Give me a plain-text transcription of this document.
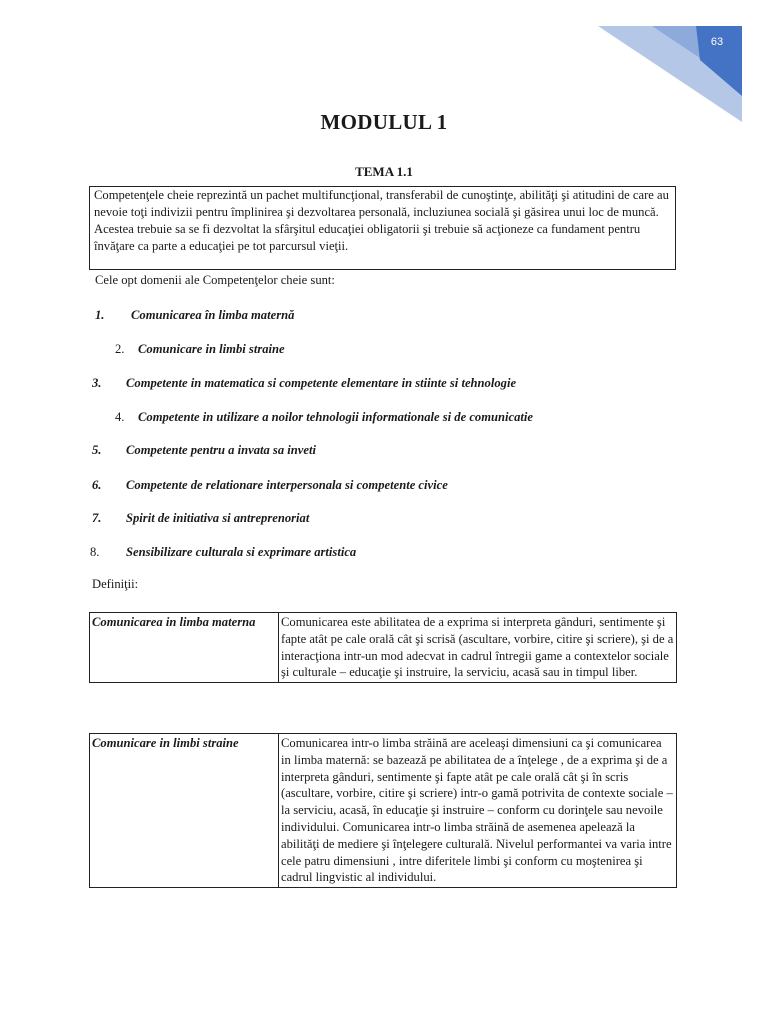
63
MODULUL 1
TEMA 1.1
Competenţele cheie reprezintă un pachet multifuncţional, transferabil de cunoştinţe, abilităţi şi atitudini de care au nevoie toţi indivizii pentru împlinirea şi dezvoltarea personală, incluziunea socială şi găsirea unui loc de muncă. Acestea trebuie sa se fi dezvoltat la sfârşitul educaţiei obligatorii şi trebuie să acţioneze ca fundament pentru învăţare ca parte a educaţiei pe tot parcursul vieţii.

Cele opt domenii ale Competenţelor cheie sunt:

1. Comunicarea în limba maternă
2. Comunicare in limbi straine
3. Competente in matematica si competente elementare in stiinte si tehnologie
4. Competente in utilizare a noilor tehnologii informationale si de comunicatie
5. Competente pentru a invata sa inveti
6. Competente de relationare interpersonala si competente civice
7. Spirit de initiativa si antreprenoriat
8. Sensibilizare culturala si exprimare artistica

Definiţii:

Comunicarea in limba materna	Comunicarea este abilitatea de a exprima si interpreta gânduri, sentimente şi fapte atât pe cale orală cât şi scrisă (ascultare, vorbire, citire şi scriere), şi de a interacţiona intr-un mod adecvat in cadrul întregii game a contextelor sociale şi culturale – educaţie şi instruire, la serviciu, acasă sau in timpul liber.
Comunicare in limbi straine	Comunicarea intr-o limba străină are aceleaşi dimensiuni ca şi comunicarea in limba maternă: se bazează pe abilitatea de a înţelege , de a exprima şi de a interpreta gânduri, sentimente şi fapte atât pe cale orală cât şi în scris (ascultare, vorbire, citire şi scriere) intr-o gamă potrivita de contexte sociale – la serviciu, acasă, în educaţie şi instruire – conform cu dorinţele sau nevoile individului. Comunicarea intr-o limba străină de asemenea apelează la abilităţi de mediere şi înţelegere culturală. Nivelul performantei va varia intre cele patru dimensiuni , intre diferitele limbi şi conform cu moştenirea şi cadrul lingvistic al individului.
